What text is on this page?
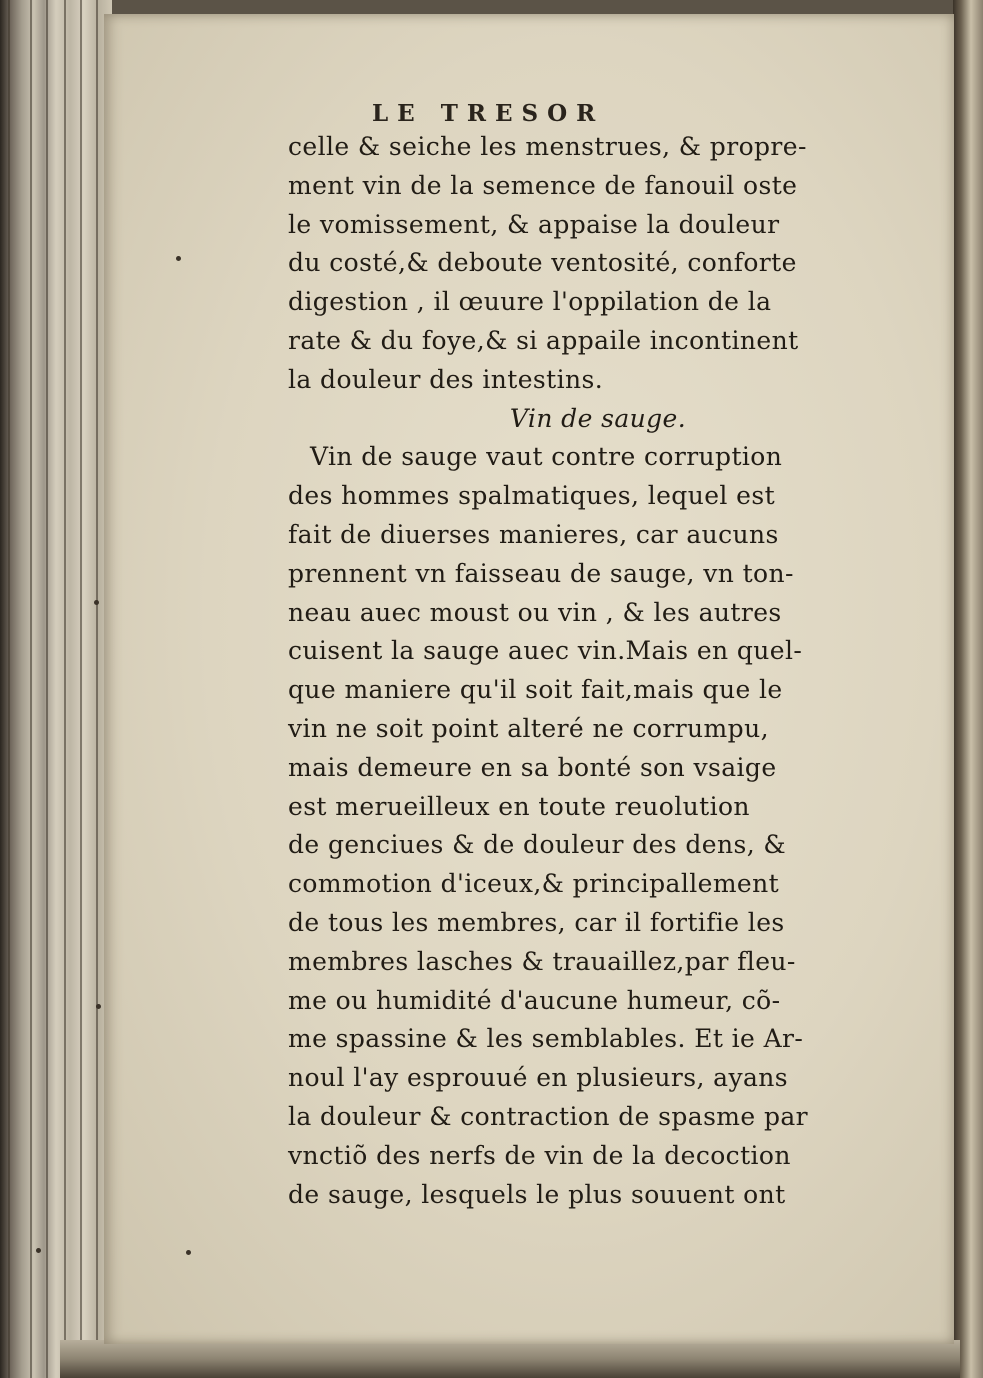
LE TRESOR
celle & seiche les menstrues, & propre-
ment vin de la semence de fanouil oste
le vomissement, & appaise la douleur
du costé,& deboute ventosité, conforte
digestion , il œuure l'oppilation de la
rate & du foye,& si appaile incontinent
la douleur des intestins.
Vin de sauge.
Vin de sauge vaut contre corruption
des hommes spalmatiques, lequel est
fait de diuerses manieres, car aucuns
prennent vn faisseau de sauge, vn ton-
neau auec moust ou vin , & les autres
cuisent la sauge auec vin.Mais en quel-
que maniere qu'il soit fait,mais que le
vin ne soit point alteré ne corrumpu,
mais demeure en sa bonté son vsaige
est merueilleux en toute reuolution
de genciues & de douleur des dens, &
commotion d'iceux,& principallement
de tous les membres, car il fortifie les
membres lasches & trauaillez,par fleu-
me ou humidité d'aucune humeur, cõ-
me spassine & les semblables. Et ie Ar-
noul l'ay esprouué en plusieurs, ayans
la douleur & contraction de spasme par
vnctiõ des nerfs de vin de la decoction
de sauge, lesquels le plus souuent ont
